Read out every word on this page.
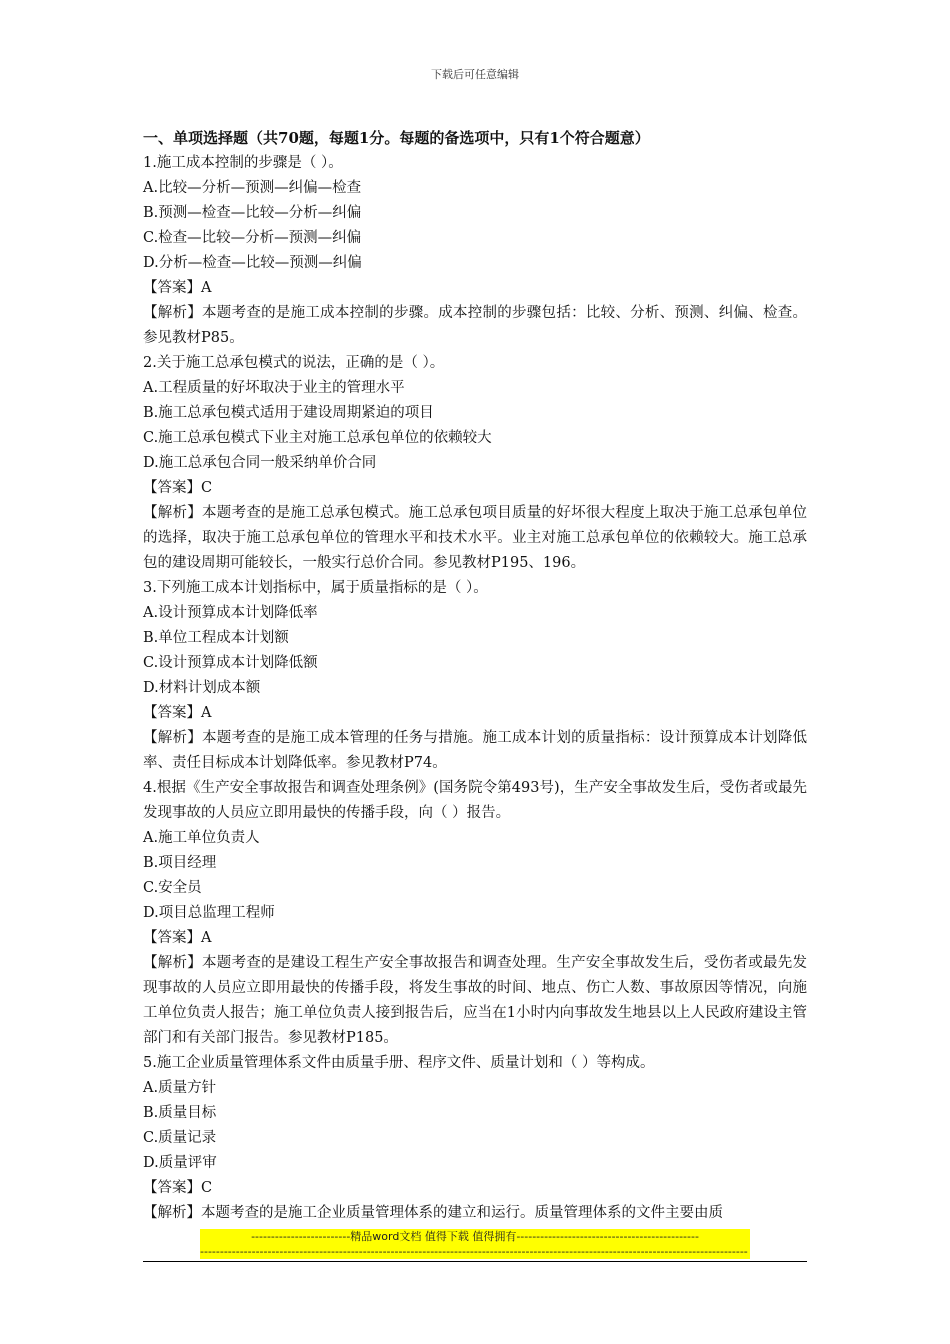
下载后可任意编辑
一、单项选择题（共70题，每题1分。每题的备选项中，只有1个符合题意）
1.施工成本控制的步骤是（ ）。
A.比较—分析—预测—纠偏—检查
B.预测—检查—比较—分析—纠偏
C.检查—比较—分析—预测—纠偏
D.分析—检查—比较—预测—纠偏
【答案】A
【解析】本题考查的是施工成本控制的步骤。成本控制的步骤包括：比较、分析、预测、纠偏、检查。参见教材P85。
2.关于施工总承包模式的说法，正确的是（ ）。
A.工程质量的好坏取决于业主的管理水平
B.施工总承包模式适用于建设周期紧迫的项目
C.施工总承包模式下业主对施工总承包单位的依赖较大
D.施工总承包合同一般采纳单价合同
【答案】C
【解析】本题考查的是施工总承包模式。施工总承包项目质量的好坏很大程度上取决于施工总承包单位的选择，取决于施工总承包单位的管理水平和技术水平。业主对施工总承包单位的依赖较大。施工总承包的建设周期可能较长，一般实行总价合同。参见教材P195、196。
3.下列施工成本计划指标中，属于质量指标的是（ ）。
A.设计预算成本计划降低率
B.单位工程成本计划额
C.设计预算成本计划降低额
D.材料计划成本额
【答案】A
【解析】本题考查的是施工成本管理的任务与措施。施工成本计划的质量指标：设计预算成本计划降低率、责任目标成本计划降低率。参见教材P74。
4.根据《生产安全事故报告和调查处理条例》(国务院令第493号)，生产安全事故发生后，受伤者或最先发现事故的人员应立即用最快的传播手段，向（ ）报告。
A.施工单位负责人
B.项目经理
C.安全员
D.项目总监理工程师
【答案】A
【解析】本题考查的是建设工程生产安全事故报告和调查处理。生产安全事故发生后，受伤者或最先发现事故的人员应立即用最快的传播手段，将发生事故的时间、地点、伤亡人数、事故原因等情况，向施工单位负责人报告；施工单位负责人接到报告后，应当在1小时内向事故发生地县以上人民政府建设主管部门和有关部门报告。参见教材P185。
5.施工企业质量管理体系文件由质量手册、程序文件、质量计划和（ ）等构成。
A.质量方针
B.质量目标
C.质量记录
D.质量评审
【答案】C
【解析】本题考查的是施工企业质量管理体系的建立和运行。质量管理体系的文件主要由质
-------------------------精品word文档 值得下载 值得拥有----------------------------------------------
------------------------------------------------------------------------------------------------------------------------------------------
